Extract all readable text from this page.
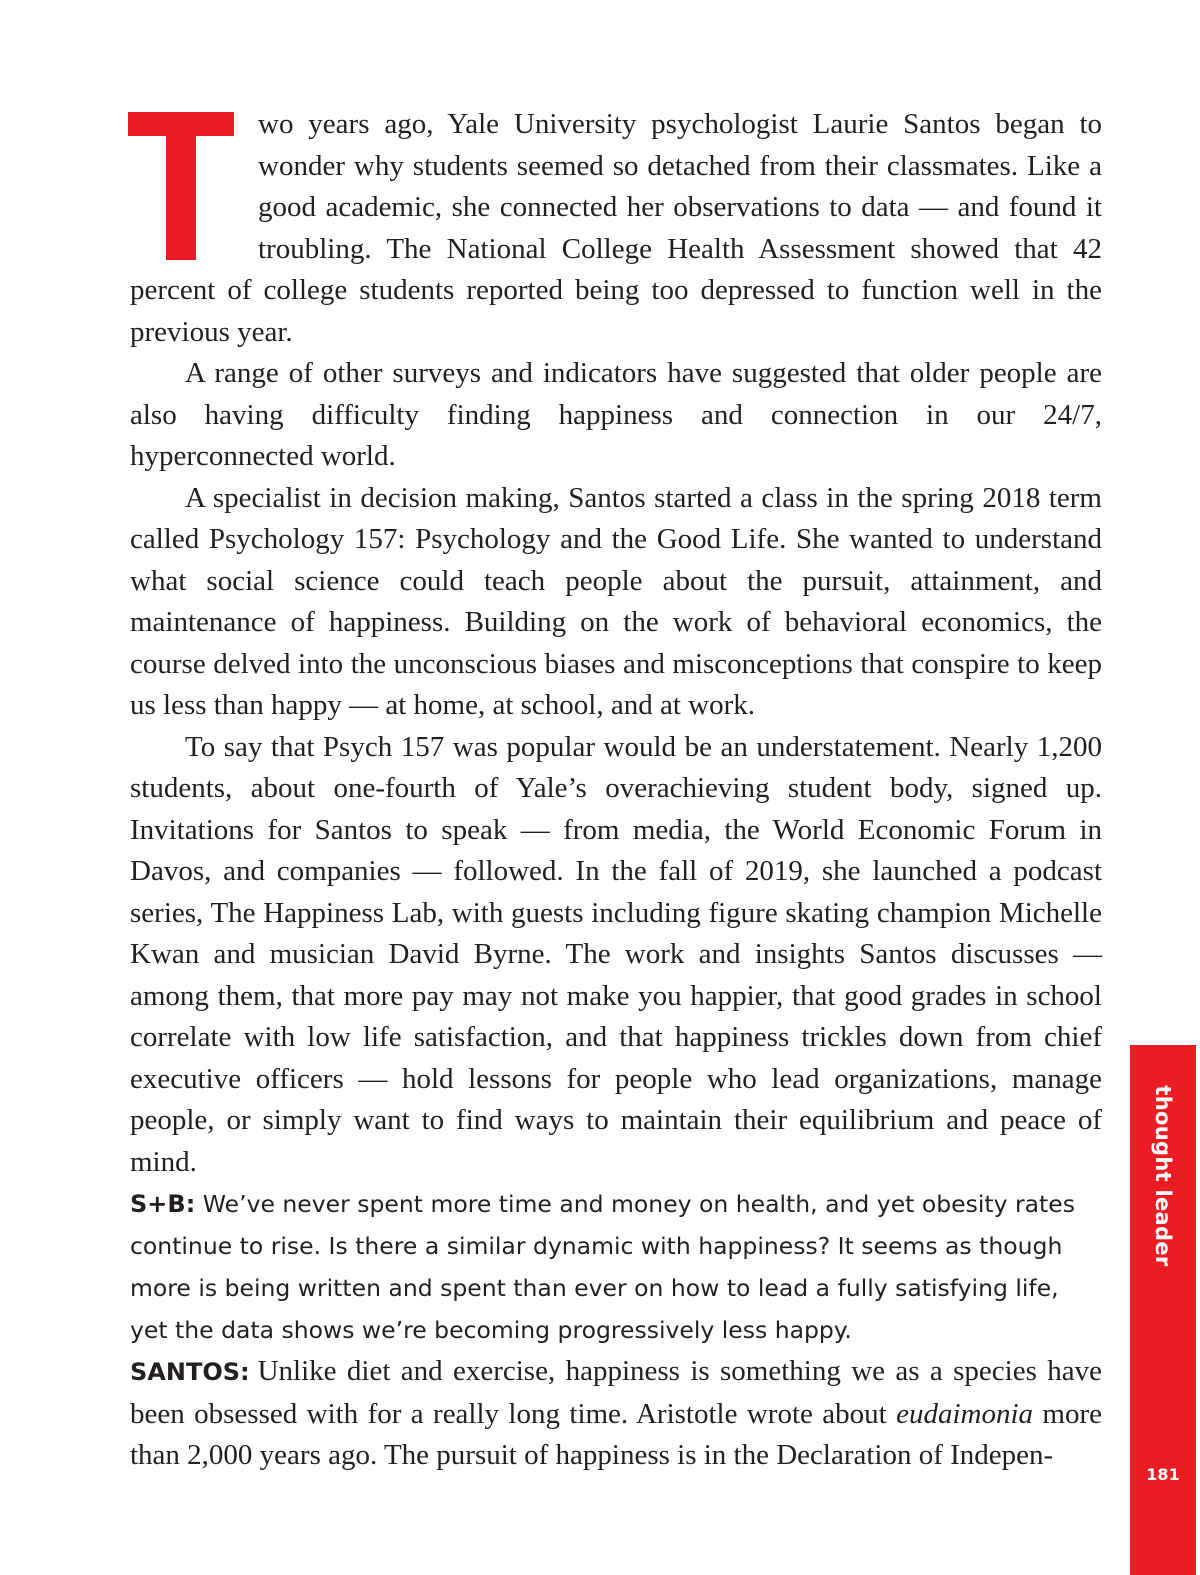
wo years ago, Yale University psychologist Laurie Santos began to wonder why students seemed so detached from their classmates. Like a good academic, she connected her observations to data — and found it troubling. The National College Health Assessment showed that 42 percent of college students reported being too depressed to function well in the previous year.

A range of other surveys and indicators have suggested that older people are also having difficulty finding happiness and connection in our 24/7, hyperconnected world.

A specialist in decision making, Santos started a class in the spring 2018 term called Psychology 157: Psychology and the Good Life. She wanted to understand what social science could teach people about the pursuit, attainment, and maintenance of happiness. Building on the work of behavioral economics, the course delved into the unconscious biases and misconceptions that conspire to keep us less than happy — at home, at school, and at work.

To say that Psych 157 was popular would be an understatement. Nearly 1,200 students, about one-fourth of Yale’s overachieving student body, signed up. Invitations for Santos to speak — from media, the World Economic Forum in Davos, and companies — followed. In the fall of 2019, she launched a podcast series, The Happiness Lab, with guests including figure skating champion Michelle Kwan and musician David Byrne. The work and insights Santos discusses — among them, that more pay may not make you happier, that good grades in school correlate with low life satisfaction, and that happiness trickles down from chief executive officers — hold lessons for people who lead organizations, manage people, or simply want to find ways to maintain their equilibrium and peace of mind.

S+B: We’ve never spent more time and money on health, and yet obesity rates continue to rise. Is there a similar dynamic with happiness? It seems as though more is being written and spent than ever on how to lead a fully satisfying life, yet the data shows we’re becoming progressively less happy.

SANTOS: Unlike diet and exercise, happiness is something we as a species have been obsessed with for a really long time. Aristotle wrote about eudaimonia more than 2,000 years ago. The pursuit of happiness is in the Declaration of Indepen-

thought leader
181
